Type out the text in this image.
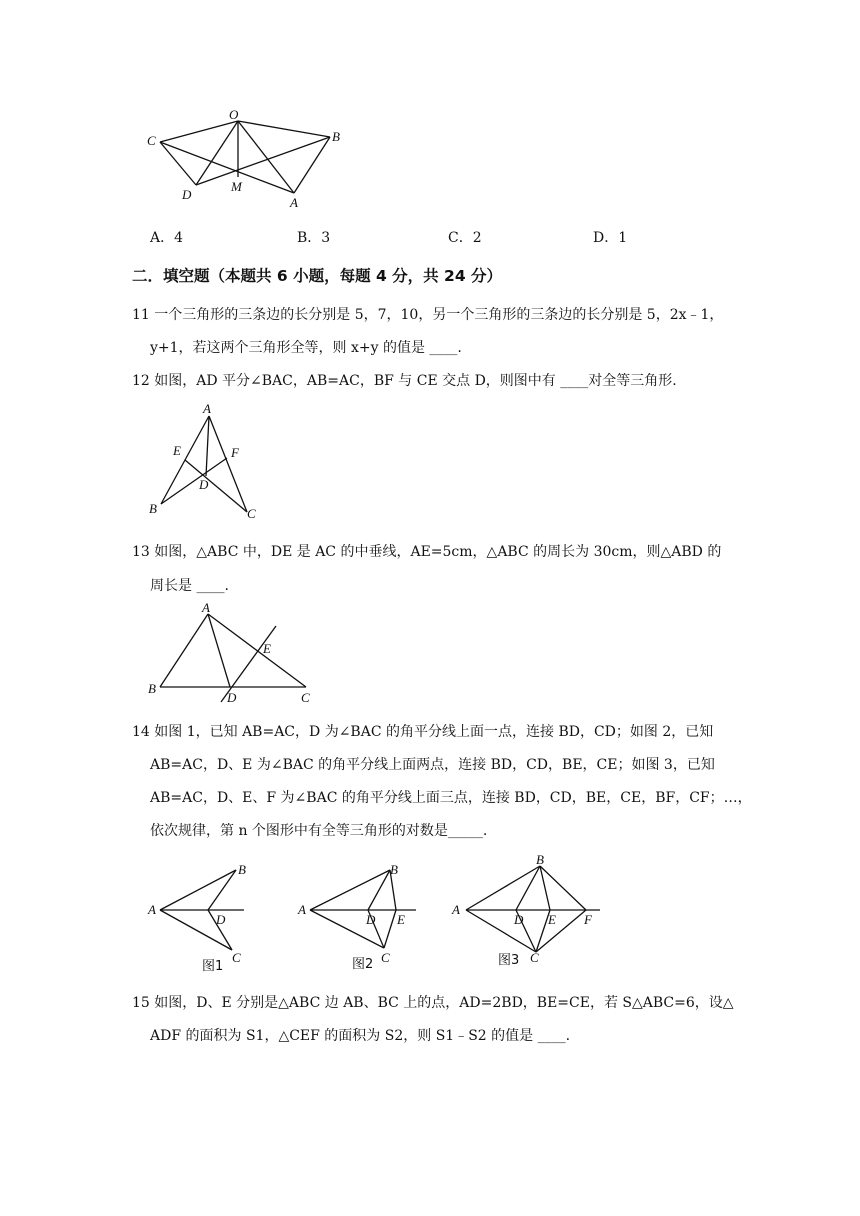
O
B
C
D
M
A
A．4	B．3	C．2	D．1
二．填空题（本题共 6 小题，每题 4 分，共 24 分）
11 一个三角形的三条边的长分别是 5，7，10，另一个三角形的三条边的长分别是 5，2x﹣1，
y+1，若这两个三角形全等，则 x+y 的值是 ____.
12 如图，AD 平分∠BAC，AB=AC，BF 与 CE 交点 D，则图中有 ____对全等三角形.
A
E	F
D
B	C
13 如图，△ABC 中，DE 是 AC 的中垂线，AE=5cm，△ABC 的周长为 30cm，则△ABD 的
周长是 ____.
A
E
B
D	C
14 如图 1，已知 AB=AC，D 为∠BAC 的角平分线上面一点，连接 BD，CD；如图 2，已知
AB=AC，D、E 为∠BAC 的角平分线上面两点，连接 BD，CD，BE，CE；如图 3，已知
AB=AC，D、E、F 为∠BAC 的角平分线上面三点，连接 BD，CD，BE，CE，BF，CF；…，
依次规律，第 n 个图形中有全等三角形的对数是_____.
A
B
D
C
图1
A
B
D E
C
图2
A
B
D E F
C
图3
15 如图，D、E 分别是△ABC 边 AB、BC 上的点，AD=2BD，BE=CE，若 S△ABC=6，设△
ADF 的面积为 S1，△CEF 的面积为 S2，则 S1﹣S2 的值是 ____.
